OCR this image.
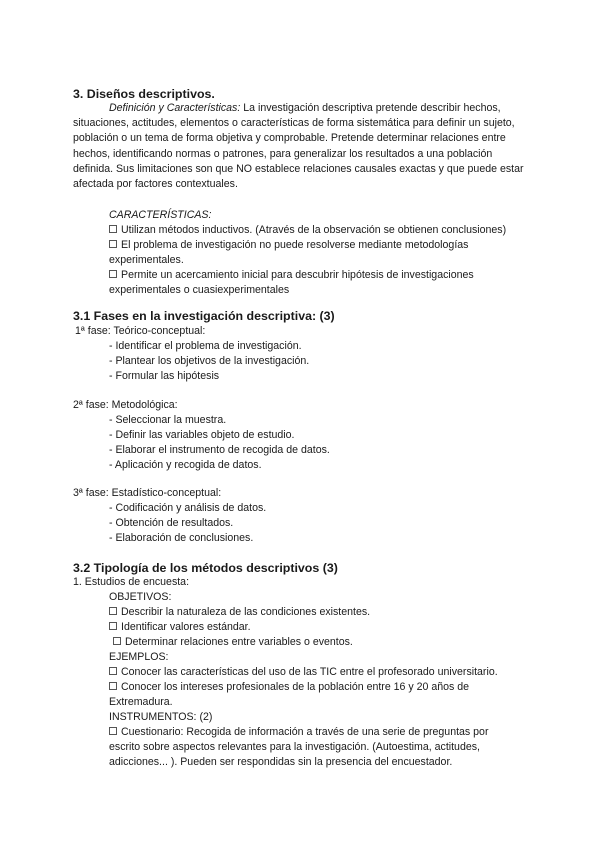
3. Diseños descriptivos.
Definición y Características: La investigación descriptiva pretende describir hechos, situaciones, actitudes, elementos o características de forma sistemática para definir un sujeto, población o un tema de forma objetiva y comprobable. Pretende determinar relaciones entre hechos, identificando normas o patrones, para generalizar los resultados a una población definida. Sus limitaciones son que NO establece relaciones causales exactas y que puede estar afectada por factores contextuales.
CARACTERÍSTICAS:
Utilizan métodos inductivos. (Através de la observación se obtienen conclusiones)
El problema de investigación no puede resolverse mediante metodologías experimentales.
Permite un acercamiento inicial para descubrir hipótesis de investigaciones experimentales o cuasiexperimentales
3.1 Fases en la investigación descriptiva: (3)
1ª fase: Teórico-conceptual:
- Identificar el problema de investigación.
- Plantear los objetivos de la investigación.
- Formular las hipótesis
2ª fase: Metodológica:
- Seleccionar la muestra.
- Definir las variables objeto de estudio.
- Elaborar el instrumento de recogida de datos.
- Aplicación y recogida de datos.
3ª fase: Estadístico-conceptual:
- Codificación y análisis de datos.
- Obtención de resultados.
- Elaboración de conclusiones.
3.2 Tipología de los métodos descriptivos (3)
1. Estudios de encuesta:
OBJETIVOS:
Describir la naturaleza de las condiciones existentes.
Identificar valores estándar.
Determinar relaciones entre variables o eventos.
EJEMPLOS:
Conocer las características del uso de las TIC entre el profesorado universitario.
Conocer los intereses profesionales de la población entre 16 y 20 años de Extremadura.
INSTRUMENTOS: (2)
Cuestionario: Recogida de información a través de una serie de preguntas por escrito sobre aspectos relevantes para la investigación. (Autoestima, actitudes, adicciones... ). Pueden ser respondidas sin la presencia del encuestador.
